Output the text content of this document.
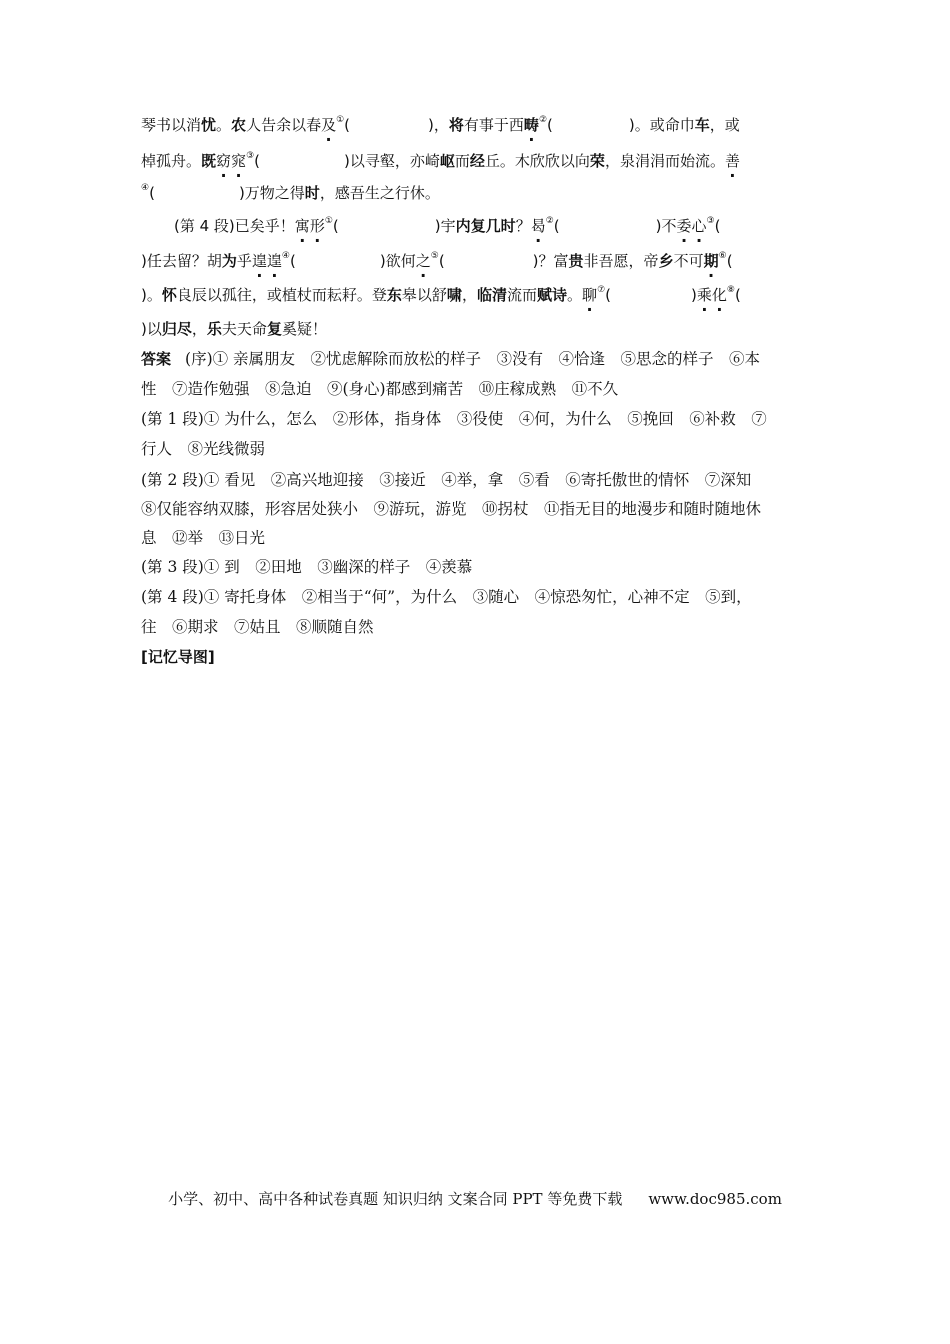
琴书以消忧。农人告余以春及①(	)，将有事于西畴②(	)。或命巾车，或
棹孤舟。既窈窕③(	)以寻壑，亦崎岖而经丘。木欣欣以向荣，泉涓涓而始流。善
④(	)万物之得时，感吾生之行休。
(第 4 段)已矣乎！寓形①(	)宇内复几时？曷②(	)不委心③(
)任去留？胡为乎遑遑④(	)欲何之⑤(	)？富贵非吾愿，帝乡不可期⑥(
)。怀良辰以孤往，或植杖而耘耔。登东皋以舒啸，临清流而赋诗。聊⑦(	)乘化⑧(
)以归尽，乐夫天命复奚疑！
答案 (序)① 亲属朋友　②忧虑解除而放松的样子　③没有　④恰逢　⑤思念的样子　⑥本
性　⑦造作勉强　⑧急迫　⑨(身心)都感到痛苦　⑩庄稼成熟　⑪不久
(第 1 段)① 为什么，怎么　②形体，指身体　③役使　④何，为什么　⑤挽回　⑥补救　⑦
行人　⑧光线微弱
(第 2 段)① 看见　②高兴地迎接　③接近　④举，拿　⑤看　⑥寄托傲世的情怀　⑦深知
⑧仅能容纳双膝，形容居处狭小　⑨游玩，游览　⑩拐杖　⑪指无目的地漫步和随时随地休
息　⑫举　⑬日光
(第 3 段)① 到　②田地　③幽深的样子　④羡慕
(第 4 段)① 寄托身体　②相当于“何”，为什么　③随心　④惊恐匆忙，心神不定　⑤到，
往　⑥期求　⑦姑且　⑧顺随自然
[记忆导图]
小学、初中、高中各种试卷真题 知识归纳 文案合同 PPT 等免费下载 www.doc985.com
